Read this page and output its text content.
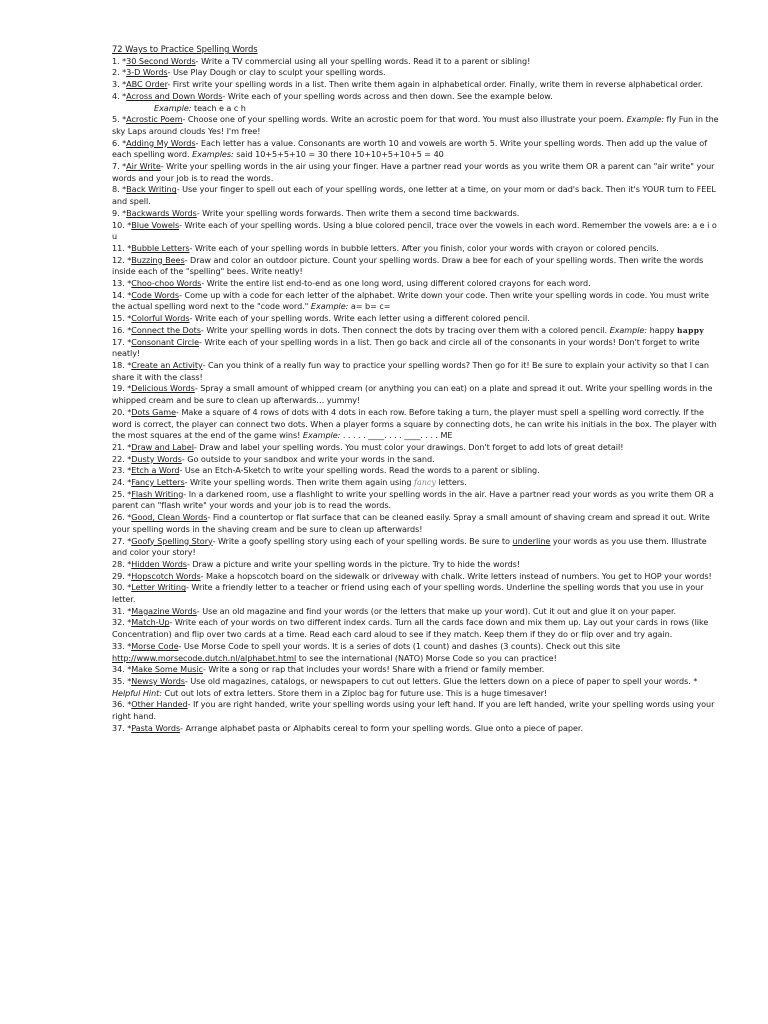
72 Ways to Practice Spelling Words

1. *30 Second Words- Write a TV commercial using all your spelling words. Read it to a parent or sibling!

2. *3-D Words- Use Play Dough or clay to sculpt your spelling words.

3. *ABC Order- First write your spelling words in a list. Then write them again in alphabetical order. Finally, write them in reverse alphabetical order.

4. *Across and Down Words- Write each of your spelling words across and then down. See the example below.

Example: teach e a c h

5. *Acrostic Poem- Choose one of your spelling words. Write an acrostic poem for that word. You must also illustrate your poem. Example: fly Fun in the sky Laps around clouds Yes! I'm free!

6. *Adding My Words- Each letter has a value. Consonants are worth 10 and vowels are worth 5. Write your spelling words. Then add up the value of each spelling word. Examples: said 10+5+5+10 = 30 there 10+10+5+10+5 = 40

7. *Air Write- Write your spelling words in the air using your finger. Have a partner read your words as you write them OR a parent can "air write" your words and your job is to read the words.

8. *Back Writing- Use your finger to spell out each of your spelling words, one letter at a time, on your mom or dad's back. Then it's YOUR turn to FEEL and spell.

9. *Backwards Words- Write your spelling words forwards. Then write them a second time backwards.

10. *Blue Vowels- Write each of your spelling words. Using a blue colored pencil, trace over the vowels in each word. Remember the vowels are: a e i o u

11. *Bubble Letters- Write each of your spelling words in bubble letters. After you finish, color your words with crayon or colored pencils.

12. *Buzzing Bees- Draw and color an outdoor picture. Count your spelling words. Draw a bee for each of your spelling words. Then write the words inside each of the "spelling" bees. Write neatly!

13. *Choo-choo Words- Write the entire list end-to-end as one long word, using different colored crayons for each word.

14. *Code Words- Come up with a code for each letter of the alphabet. Write down your code. Then write your spelling words in code. You must write the actual spelling word next to the "code word." Example: a= b= c=

15. *Colorful Words- Write each of your spelling words. Write each letter using a different colored pencil.

16. *Connect the Dots- Write your spelling words in dots. Then connect the dots by tracing over them with a colored pencil. Example: happy happy

17. *Consonant Circle- Write each of your spelling words in a list. Then go back and circle all of the consonants in your words! Don't forget to write neatly!

18. *Create an Activity- Can you think of a really fun way to practice your spelling words? Then go for it! Be sure to explain your activity so that I can share it with the class!

19. *Delicious Words- Spray a small amount of whipped cream (or anything you can eat) on a plate and spread it out. Write your spelling words in the whipped cream and be sure to clean up afterwards… yummy!

20. *Dots Game- Make a square of 4 rows of dots with 4 dots in each row. Before taking a turn, the player must spell a spelling word correctly. If the word is correct, the player can connect two dots. When a player forms a square by connecting dots, he can write his initials in the box. The player with the most squares at the end of the game wins! Example: . . . . . ____. . . . ____. . . . ME

21. *Draw and Label- Draw and label your spelling words. You must color your drawings. Don't forget to add lots of great detail!

22. *Dusty Words- Go outside to your sandbox and write your words in the sand.

23. *Etch a Word- Use an Etch-A-Sketch to write your spelling words. Read the words to a parent or sibling.

24. *Fancy Letters- Write your spelling words. Then write them again using fancy letters.

25. *Flash Writing- In a darkened room, use a flashlight to write your spelling words in the air. Have a partner read your words as you write them OR a parent can "flash write" your words and your job is to read the words.

26. *Good, Clean Words- Find a countertop or flat surface that can be cleaned easily. Spray a small amount of shaving cream and spread it out. Write your spelling words in the shaving cream and be sure to clean up afterwards!

27. *Goofy Spelling Story- Write a goofy spelling story using each of your spelling words. Be sure to underline your words as you use them. Illustrate and color your story!

28. *Hidden Words- Draw a picture and write your spelling words in the picture. Try to hide the words!

29. *Hopscotch Words- Make a hopscotch board on the sidewalk or driveway with chalk. Write letters instead of numbers. You get to HOP your words!

30. *Letter Writing- Write a friendly letter to a teacher or friend using each of your spelling words. Underline the spelling words that you use in your letter.

31. *Magazine Words- Use an old magazine and find your words (or the letters that make up your word). Cut it out and glue it on your paper.

32. *Match-Up- Write each of your words on two different index cards. Turn all the cards face down and mix them up. Lay out your cards in rows (like Concentration) and flip over two cards at a time. Read each card aloud to see if they match. Keep them if they do or flip over and try again.

33. *Morse Code- Use Morse Code to spell your words. It is a series of dots (1 count) and dashes (3 counts). Check out this site http://www.morsecode.dutch.nl/alphabet.html to see the international (NATO) Morse Code so you can practice!

34. *Make Some Music- Write a song or rap that includes your words! Share with a friend or family member.

35. *Newsy Words- Use old magazines, catalogs, or newspapers to cut out letters. Glue the letters down on a piece of paper to spell your words. * Helpful Hint: Cut out lots of extra letters. Store them in a Ziploc bag for future use. This is a huge timesaver!

36. *Other Handed- If you are right handed, write your spelling words using your left hand. If you are left handed, write your spelling words using your right hand.

37. *Pasta Words- Arrange alphabet pasta or Alphabits cereal to form your spelling words. Glue onto a piece of paper.
